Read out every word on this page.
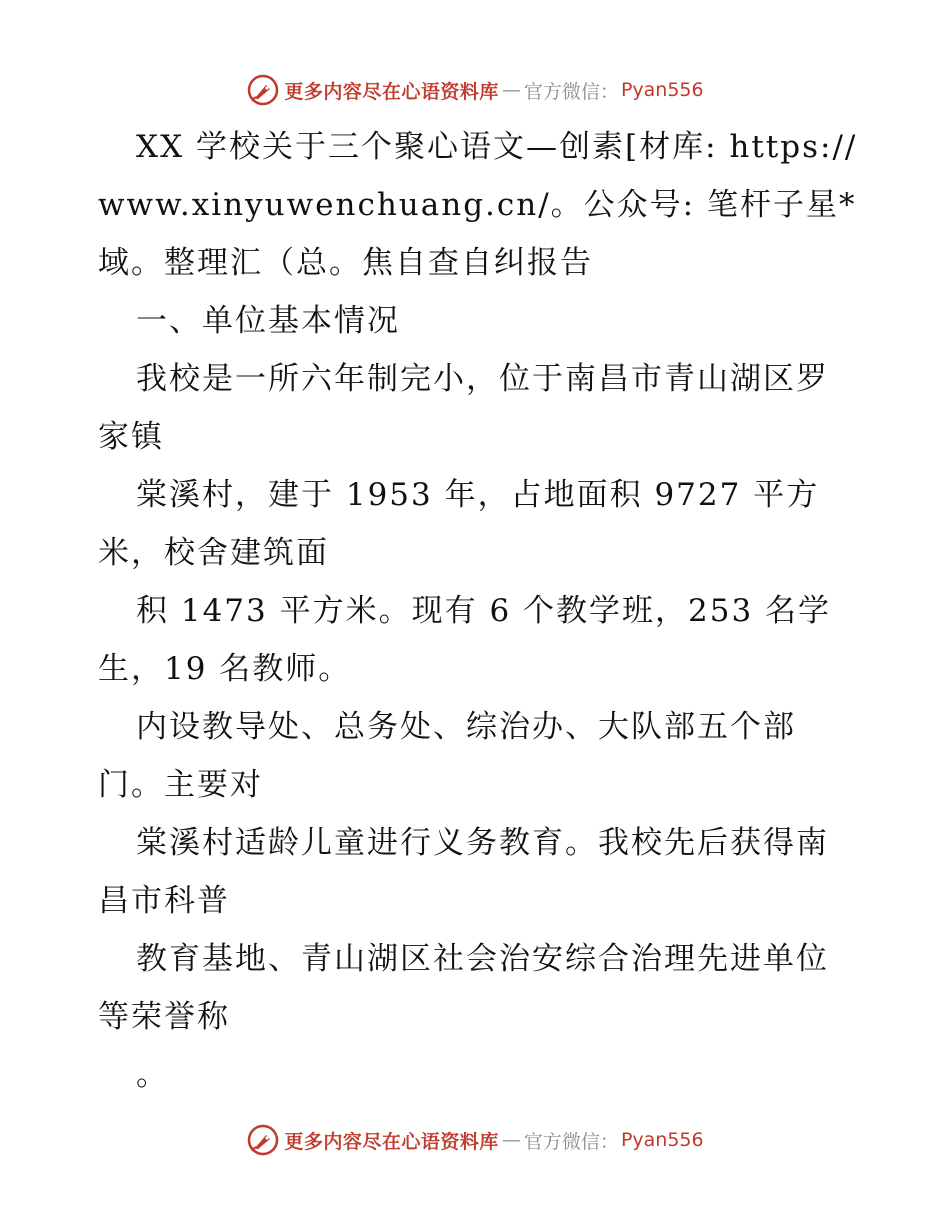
更多内容尽在心语资料库 — 官方微信： Pyan556

XX 学校关于三个聚心语文—创素[材库: https://www.xinyuwenchuang.cn/。公众号: 笔杆子星*域。整理汇（总。焦自查自纠报告

一、单位基本情况

我校是一所六年制完小，位于南昌市青山湖区罗家镇

棠溪村，建于 1953 年，占地面积 9727 平方米，校舍建筑面

积 1473 平方米。现有 6 个教学班，253 名学生，19 名教师。

内设教导处、总务处、综治办、大队部五个部门。主要对

棠溪村适龄儿童进行义务教育。我校先后获得南昌市科普

教育基地、青山湖区社会治安综合治理先进单位等荣誉称

。

更多内容尽在心语资料库 — 官方微信： Pyan556
